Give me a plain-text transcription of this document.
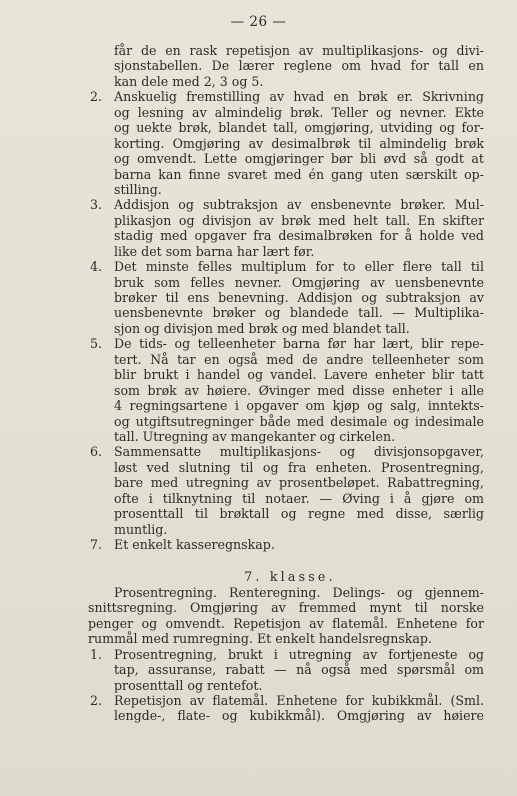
— 26 —
får de en rask repetisjon av multiplikasjons- og divi-
sjonstabellen. De lærer reglene om hvad for tall en
kan dele med 2, 3 og 5.
2. Anskuelig fremstilling av hvad en brøk er. Skrivning
og lesning av almindelig brøk. Teller og nevner. Ekte
og uekte brøk, blandet tall, omgjøring, utviding og for-
korting. Omgjøring av desimalbrøk til almindelig brøk
og omvendt. Lette omgjøringer bør bli øvd så godt at
barna kan finne svaret med én gang uten særskilt op-
stilling.
3. Addisjon og subtraksjon av ensbenevnte brøker. Mul-
plikasjon og divisjon av brøk med helt tall. En skifter
stadig med opgaver fra desimalbrøken for å holde ved
like det som barna har lært før.
4. Det minste felles multiplum for to eller flere tall til
bruk som felles nevner. Omgjøring av uensbenevnte
brøker til ens benevning. Addisjon og subtraksjon av
uensbenevnte brøker og blandede tall. — Multiplika-
sjon og divisjon med brøk og med blandet tall.
5. De tids- og telleenheter barna før har lært, blir repe-
tert. Nå tar en også med de andre telleenheter som
blir brukt i handel og vandel. Lavere enheter blir tatt
som brøk av høiere. Øvinger med disse enheter i alle
4 regningsartene i opgaver om kjøp og salg, inntekts-
og utgiftsutregninger både med desimale og indesimale
tall. Utregning av mangekanter og cirkelen.
6. Sammensatte multiplikasjons- og divisjonsopgaver,
løst ved slutning til og fra enheten. Prosentregning,
bare med utregning av prosentbeløpet. Rabattregning,
ofte i tilknytning til notaer. — Øving i å gjøre om
prosenttall til brøktall og regne med disse, særlig
muntlig.
7. Et enkelt kasseregnskap.
7. klasse.
Prosentregning. Renteregning. Delings- og gjennem-
snittsregning. Omgjøring av fremmed mynt til norske
penger og omvendt. Repetisjon av flatemål. Enhetene for
rummål med rumregning. Et enkelt handelsregnskap.
1. Prosentregning, brukt i utregning av fortjeneste og
tap, assuranse, rabatt — nå også med spørsmål om
prosenttall og rentefot.
2. Repetisjon av flatemål. Enhetene for kubikkmål. (Sml.
lengde-, flate- og kubikkmål). Omgjøring av høiere
